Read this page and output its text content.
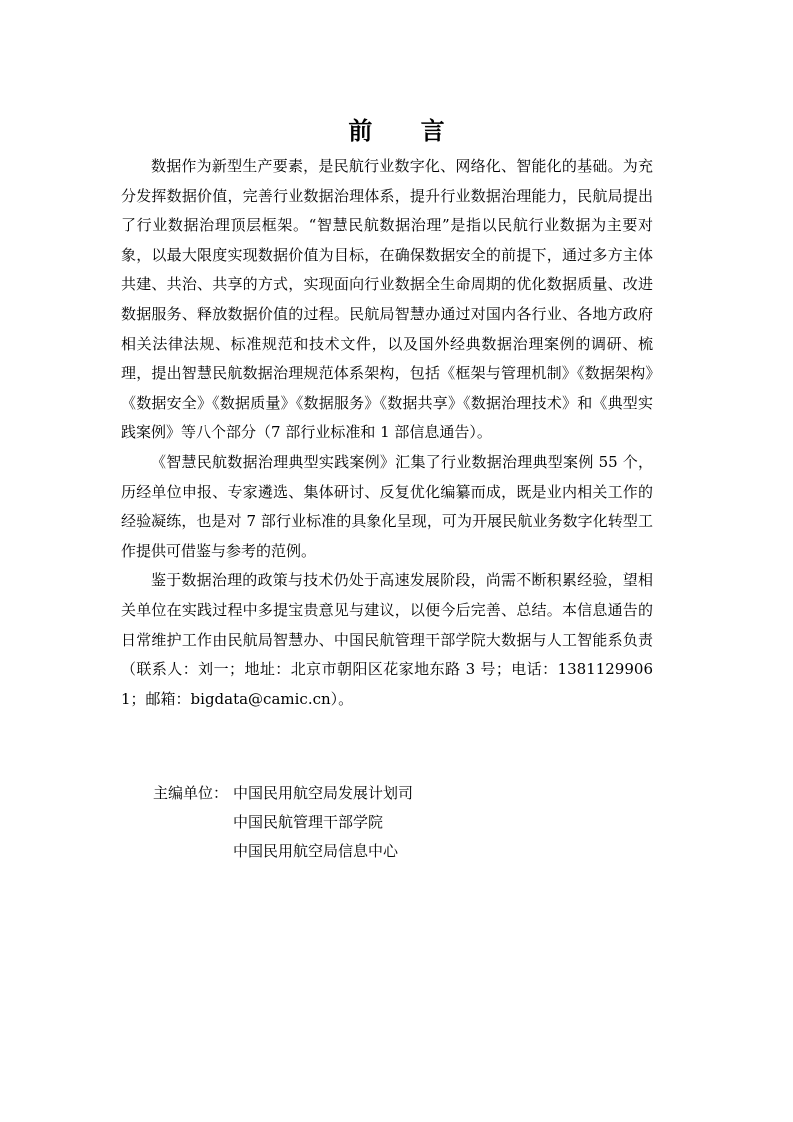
前 言

数据作为新型生产要素，是民航行业数字化、网络化、智能化的基础。为充分发挥数据价值，完善行业数据治理体系，提升行业数据治理能力，民航局提出了行业数据治理顶层框架。“智慧民航数据治理”是指以民航行业数据为主要对象，以最大限度实现数据价值为目标，在确保数据安全的前提下，通过多方主体共建、共治、共享的方式，实现面向行业数据全生命周期的优化数据质量、改进数据服务、释放数据价值的过程。民航局智慧办通过对国内各行业、各地方政府相关法律法规、标准规范和技术文件，以及国外经典数据治理案例的调研、梳理，提出智慧民航数据治理规范体系架构，包括《框架与管理机制》《数据架构》《数据安全》《数据质量》《数据服务》《数据共享》《数据治理技术》和《典型实践案例》等八个部分（7 部行业标准和 1 部信息通告）。

《智慧民航数据治理典型实践案例》汇集了行业数据治理典型案例 55 个，历经单位申报、专家遴选、集体研讨、反复优化编纂而成，既是业内相关工作的经验凝练，也是对 7 部行业标准的具象化呈现，可为开展民航业务数字化转型工作提供可借鉴与参考的范例。

鉴于数据治理的政策与技术仍处于高速发展阶段，尚需不断积累经验，望相关单位在实践过程中多提宝贵意见与建议，以便今后完善、总结。本信息通告的日常维护工作由民航局智慧办、中国民航管理干部学院大数据与人工智能系负责（联系人：刘一；地址：北京市朝阳区花家地东路 3 号；电话：13811299061；邮箱：bigdata@camic.cn）。

主编单位： 中国民用航空局发展计划司
中国民航管理干部学院
中国民用航空局信息中心
